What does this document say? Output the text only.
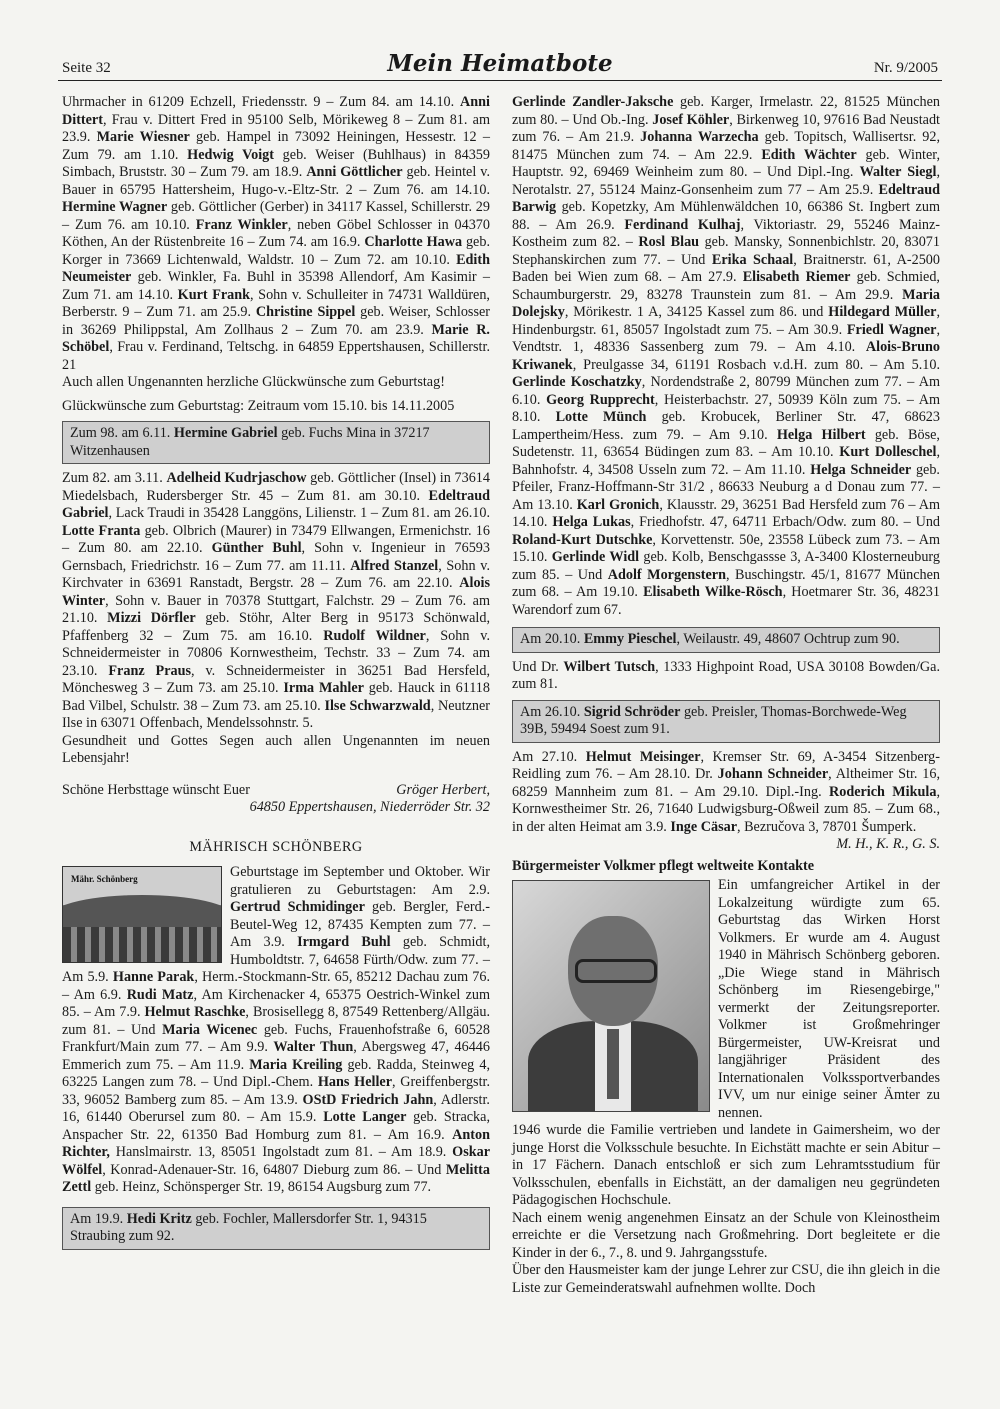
Seite 32	Mein Heimatbote	Nr. 9/2005

Uhrmacher in 61209 Echzell, Friedensstr. 9 – Zum 84. am 14.10. Anni Dittert, Frau v. Dittert Fred in 95100 Selb, Mörikeweg 8 – Zum 81. am 23.9. Marie Wiesner geb. Hampel in 73092 Heiningen, Hessestr. 12 – Zum 79. am 1.10. Hedwig Voigt geb. Weiser (Buhlhaus) in 84359 Simbach, Bruststr. 30 – Zum 79. am 18.9. Anni Göttlicher geb. Heintel v. Bauer in 65795 Hattersheim, Hugo-v.-Eltz-Str. 2 – Zum 76. am 14.10. Hermine Wagner geb. Göttlicher (Gerber) in 34117 Kassel, Schillerstr. 29 – Zum 76. am 10.10. Franz Winkler, neben Göbel Schlosser in 04370 Köthen, An der Rüstenbreite 16 – Zum 74. am 16.9. Charlotte Hawa geb. Korger in 73669 Lichtenwald, Waldstr. 10 – Zum 72. am 10.10. Edith Neumeister geb. Winkler, Fa. Buhl in 35398 Allendorf, Am Kasimir – Zum 71. am 14.10. Kurt Frank, Sohn v. Schulleiter in 74731 Walldüren, Berberstr. 9 – Zum 71. am 25.9. Christine Sippel geb. Weiser, Schlosser in 36269 Philippstal, Am Zollhaus 2 – Zum 70. am 23.9. Marie R. Schöbel, Frau v. Ferdinand, Teltschg. in 64859 Eppertshausen, Schillerstr. 21

Auch allen Ungenannten herzliche Glückwünsche zum Geburtstag!

Glückwünsche zum Geburtstag: Zeitraum vom 15.10. bis 14.11.2005

Zum 98. am 6.11. Hermine Gabriel geb. Fuchs Mina in 37217 Witzenhausen

Zum 82. am 3.11. Adelheid Kudrjaschow geb. Göttlicher (Insel) in 73614 Miedelsbach, Rudersberger Str. 45 – Zum 81. am 30.10. Edeltraud Gabriel, Lack Traudi in 35428 Langgöns, Lilienstr. 1 – Zum 81. am 26.10. Lotte Franta geb. Olbrich (Maurer) in 73479 Ellwangen, Ermenichstr. 16 – Zum 80. am 22.10. Günther Buhl, Sohn v. Ingenieur in 76593 Gernsbach, Friedrichstr. 16 – Zum 77. am 11.11. Alfred Stanzel, Sohn v. Kirchvater in 63691 Ranstadt, Bergstr. 28 – Zum 76. am 22.10. Alois Winter, Sohn v. Bauer in 70378 Stuttgart, Falchstr. 29 – Zum 76. am 21.10. Mizzi Dörfler geb. Stöhr, Alter Berg in 95173 Schönwald, Pfaffenberg 32 – Zum 75. am 16.10. Rudolf Wildner, Sohn v. Schneidermeister in 70806 Kornwestheim, Techstr. 33 – Zum 74. am 23.10. Franz Praus, v. Schneidermeister in 36251 Bad Hersfeld, Mönchesweg 3 – Zum 73. am 25.10. Irma Mahler geb. Hauck in 61118 Bad Vilbel, Schulstr. 38 – Zum 73. am 25.10. Ilse Schwarzwald, Neutzner Ilse in 63071 Offenbach, Mendelssohnstr. 5.

Gesundheit und Gottes Segen auch allen Ungenannten im neuen Lebensjahr!

Schöne Herbsttage wünscht Euer	Gröger Herbert,
64850 Eppertshausen, Niederröder Str. 32
MÄHRISCH SCHÖNBERG
Mähr. Schönberg	Geburtstage im September und Oktober. Wir gratulieren zu Geburtstagen: Am 2.9. Gertrud Schmidinger geb. Bergler, Ferd.-Beutel-Weg 12, 87435 Kempten zum 77. – Am 3.9. Irmgard Buhl geb. Schmidt, Humboldtstr. 7, 64658 Fürth/Odw. zum 77. – Am 5.9. Hanne Parak, Herm.-Stockmann-Str. 65, 85212 Dachau zum 76. – Am 6.9. Rudi Matz, Am Kirchenacker 4, 65375 Oestrich-Winkel zum 85. – Am 7.9. Helmut Raschke, Brosisellegg 8, 87549 Rettenberg/Allgäu. zum 81. – Und Maria Wicenec geb. Fuchs, Frauenhofstraße 6, 60528 Frankfurt/Main zum 77. – Am 9.9. Walter Thun, Abergsweg 47, 46446 Emmerich zum 75. – Am 11.9. Maria Kreiling geb. Radda, Steinweg 4, 63225 Langen zum 78. – Und Dipl.-Chem. Hans Heller, Greiffenbergstr. 33, 96052 Bamberg zum 85. – Am 13.9. OStD Friedrich Jahn, Adlerstr. 16, 61440 Oberursel zum 80. – Am 15.9. Lotte Langer geb. Stracka, Anspacher Str. 22, 61350 Bad Homburg zum 81. – Am 16.9. Anton Richter, Hanslmairstr. 13, 85051 Ingolstadt zum 81. – Am 18.9. Oskar Wölfel, Konrad-Adenauer-Str. 16, 64807 Dieburg zum 86. – Und Melitta Zettl geb. Heinz, Schönsperger Str. 19, 86154 Augsburg zum 77.

Am 19.9. Hedi Kritz geb. Fochler, Mallersdorfer Str. 1, 94315 Straubing zum 92.

Gerlinde Zandler-Jaksche geb. Karger, Irmelastr. 22, 81525 München zum 80. – Und Ob.-Ing. Josef Köhler, Birkenweg 10, 97616 Bad Neustadt zum 76. – Am 21.9. Johanna Warzecha geb. Topitsch, Wallisertsr. 92, 81475 München zum 74. – Am 22.9. Edith Wächter geb. Winter, Hauptstr. 92, 69469 Weinheim zum 80. – Und Dipl.-Ing. Walter Siegl, Nerotalstr. 27, 55124 Mainz-Gonsenheim zum 77 – Am 25.9. Edeltraud Barwig geb. Kopetzky, Am Mühlenwäldchen 10, 66386 St. Ingbert zum 88. – Am 26.9. Ferdinand Kulhaj, Viktoriastr. 29, 55246 Mainz-Kostheim zum 82. – Rosl Blau geb. Mansky, Sonnenbichlstr. 20, 83071 Stephanskirchen zum 77. – Und Erika Schaal, Braitnerstr. 61, A-2500 Baden bei Wien zum 68. – Am 27.9. Elisabeth Riemer geb. Schmied, Schaumburgerstr. 29, 83278 Traunstein zum 81. – Am 29.9. Maria Dolejsky, Mörikestr. 1 A, 34125 Kassel zum 86. und Hildegard Müller, Hindenburgstr. 61, 85057 Ingolstadt zum 75. – Am 30.9. Friedl Wagner, Vendtstr. 1, 48336 Sassenberg zum 79. – Am 4.10. Alois-Bruno Kriwanek, Preulgasse 34, 61191 Rosbach v.d.H. zum 80. – Am 5.10. Gerlinde Koschatzky, Nordendstraße 2, 80799 München zum 77. – Am 6.10. Georg Rupprecht, Heisterbachstr. 27, 50939 Köln zum 75. – Am 8.10. Lotte Münch geb. Krobucek, Berliner Str. 47, 68623 Lampertheim/Hess. zum 79. – Am 9.10. Helga Hilbert geb. Böse, Sudetenstr. 11, 63654 Büdingen zum 83. – Am 10.10. Kurt Dolleschel, Bahnhofstr. 4, 34508 Usseln zum 72. – Am 11.10. Helga Schneider geb. Pfeiler, Franz-Hoffmann-Str 31/2 , 86633 Neuburg a d Donau zum 77. – Am 13.10. Karl Gronich, Klausstr. 29, 36251 Bad Hersfeld zum 76 – Am 14.10. Helga Lukas, Friedhofstr. 47, 64711 Erbach/Odw. zum 80. – Und Roland-Kurt Dutschke, Korvettenstr. 50e, 23558 Lübeck zum 73. – Am 15.10. Gerlinde Widl geb. Kolb, Benschgassse 3, A-3400 Klosterneuburg zum 85. – Und Adolf Morgenstern, Buschingstr. 45/1, 81677 München zum 68. – Am 19.10. Elisabeth Wilke-Rösch, Hoetmarer Str. 36, 48231 Warendorf zum 67.

Am 20.10. Emmy Pieschel, Weilaustr. 49, 48607 Ochtrup zum 90.

Und Dr. Wilbert Tutsch, 1333 Highpoint Road, USA 30108 Bowden/Ga. zum 81.

Am 26.10. Sigrid Schröder geb. Preisler, Thomas-Borchwede-Weg 39B, 59494 Soest zum 91.

Am 27.10. Helmut Meisinger, Kremser Str. 69, A-3454 Sitzenberg-Reidling zum 76. – Am 28.10. Dr. Johann Schneider, Altheimer Str. 16, 68259 Mannheim zum 81. – Am 29.10. Dipl.-Ing. Roderich Mikula, Kornwestheimer Str. 26, 71640 Ludwigsburg-Oßweil zum 85. – Zum 68., in der alten Heimat am 3.9. Inge Cäsar, Bezručova 3, 78701 Šumperk.
M. H., K. R., G. S.

Bürgermeister Volkmer pflegt weltweite Kontakte

Ein umfangreicher Artikel in der Lokalzeitung würdigte zum 65. Geburtstag das Wirken Horst Volkmers. Er wurde am 4. August 1940 in Mährisch Schönberg geboren. „Die Wiege stand in Mährisch Schönberg im Riesengebirge," vermerkt der Zeitungsreporter. Volkmer ist Großmehringer Bürgermeister, UW-Kreisrat und langjähriger Präsident des Internationalen Volkssportverbandes IVV, um nur einige seiner Ämter zu nennen.

1946 wurde die Familie vertrieben und landete in Gaimersheim, wo der junge Horst die Volksschule besuchte. In Eichstätt machte er sein Abitur – in 17 Fächern. Danach entschloß er sich zum Lehramtsstudium für Volksschulen, ebenfalls in Eichstätt, an der damaligen neu gegründeten Pädagogischen Hochschule.

Nach einem wenig angenehmen Einsatz an der Schule von Kleinostheim erreichte er die Versetzung nach Großmehring. Dort begleitete er die Kinder in der 6., 7., 8. und 9. Jahrgangsstufe.

Über den Hausmeister kam der junge Lehrer zur CSU, die ihn gleich in die Liste zur Gemeinderatswahl aufnehmen wollte. Doch
